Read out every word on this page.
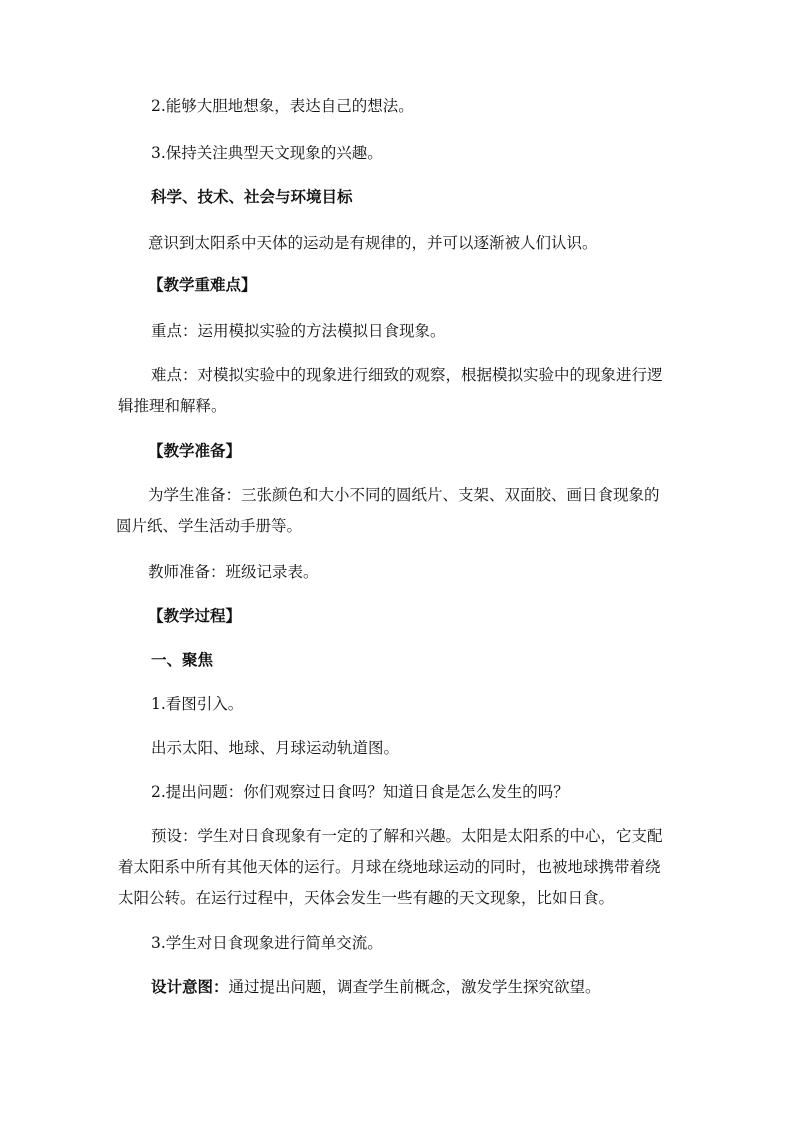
2.能够大胆地想象，表达自己的想法。
3.保持关注典型天文现象的兴趣。
科学、技术、社会与环境目标
意识到太阳系中天体的运动是有规律的，并可以逐渐被人们认识。
【教学重难点】
重点：运用模拟实验的方法模拟日食现象。
难点：对模拟实验中的现象进行细致的观察，根据模拟实验中的现象进行逻
辑推理和解释。
【教学准备】
为学生准备：三张颜色和大小不同的圆纸片、支架、双面胶、画日食现象的
圆片纸、学生活动手册等。
教师准备：班级记录表。
【教学过程】
一、聚焦
1.看图引入。
出示太阳、地球、月球运动轨道图。
2.提出问题：你们观察过日食吗？知道日食是怎么发生的吗？
预设：学生对日食现象有一定的了解和兴趣。太阳是太阳系的中心，它支配
着太阳系中所有其他天体的运行。月球在绕地球运动的同时，也被地球携带着绕
太阳公转。在运行过程中，天体会发生一些有趣的天文现象，比如日食。
3.学生对日食现象进行简单交流。
设计意图：通过提出问题，调查学生前概念，激发学生探究欲望。
